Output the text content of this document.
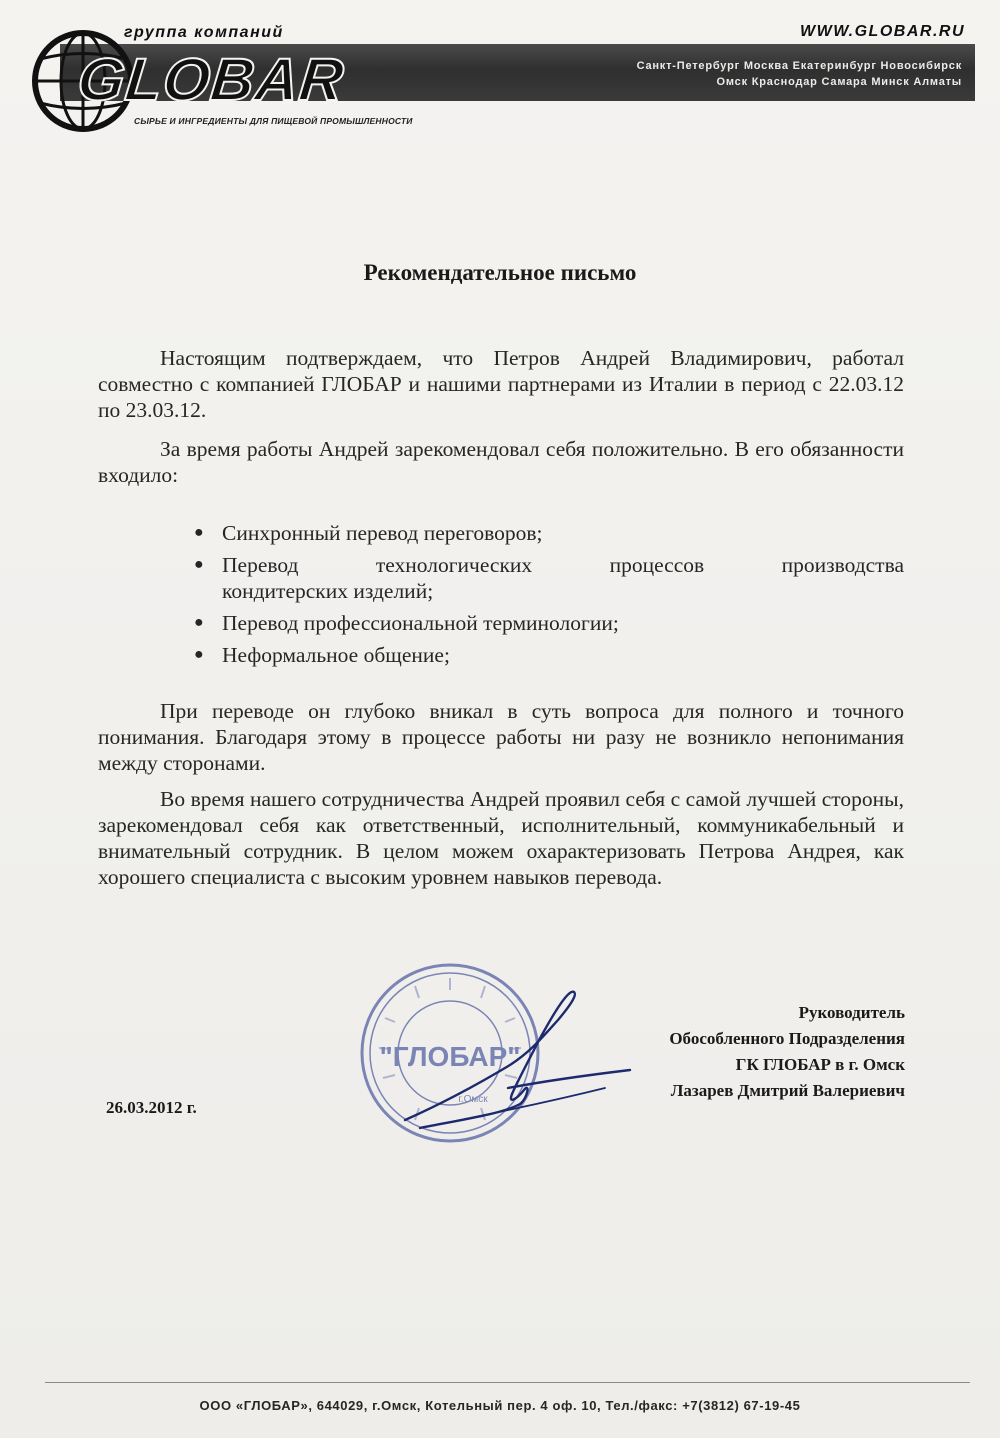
группа компаний
GLOBAR
WWW.GLOBAR.RU
Санкт-Петербург Москва Екатеринбург Новосибирск
Омск Краснодар Самара Минск Алматы
СЫРЬЕ И ИНГРЕДИЕНТЫ ДЛЯ ПИЩЕВОЙ ПРОМЫШЛЕННОСТИ
Рекомендательное письмо

Настоящим подтверждаем, что Петров Андрей Владимирович, работал совместно с компанией ГЛОБАР и нашими партнерами из Италии в период с 22.03.12 по 23.03.12.

За время работы Андрей зарекомендовал себя положительно. В его обязанности входило:

● Синхронный перевод переговоров;
● Перевод технологических процессов производства
кондитерских изделий;
● Перевод профессиональной терминологии;
● Неформальное общение;

При переводе он глубоко вникал в суть вопроса для полного и точного понимания. Благодаря этому в процессе работы ни разу не возникло непонимания между сторонами.

Во время нашего сотрудничества Андрей проявил себя с самой лучшей стороны, зарекомендовал себя как ответственный, исполнительный, коммуникабельный и внимательный сотрудник. В целом можем охарактеризовать Петрова Андрея, как хорошего специалиста с высоким уровнем навыков перевода.

"ГЛОБАР"
г.Омск
Руководитель
Обособленного Подразделения
ГК ГЛОБАР в г. Омск
Лазарев Дмитрий Валериевич
26.03.2012 г.
ООО «ГЛОБАР», 644029, г.Омск, Котельный пер. 4 оф. 10, Тел./факс: +7(3812) 67-19-45
